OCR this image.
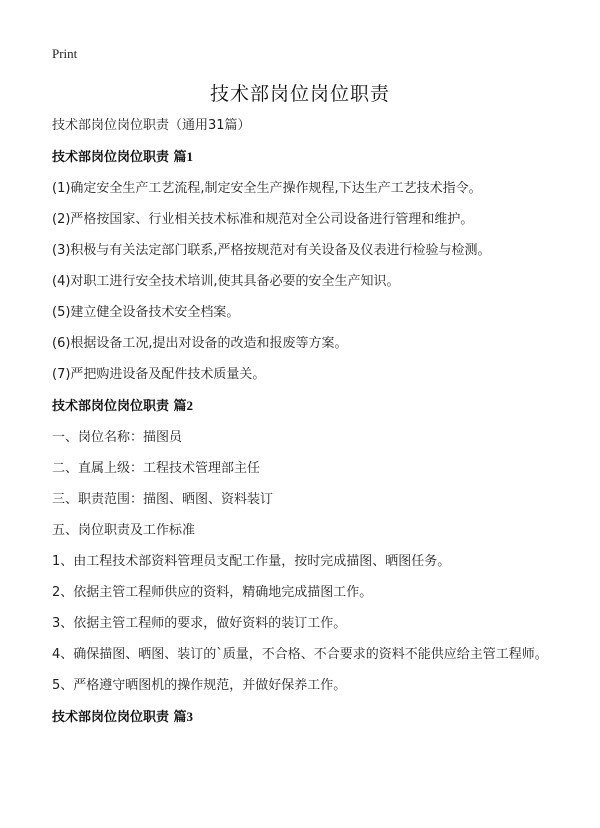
Print
技术部岗位岗位职责
技术部岗位岗位职责（通用31篇）
技术部岗位岗位职责 篇1
(1)确定安全生产工艺流程,制定安全生产操作规程,下达生产工艺技术指令。
(2)严格按国家、行业相关技术标准和规范对全公司设备进行管理和维护。
(3)积极与有关法定部门联系,严格按规范对有关设备及仪表进行检验与检测。
(4)对职工进行安全技术培训,使其具备必要的安全生产知识。
(5)建立健全设备技术安全档案。
(6)根据设备工况,提出对设备的改造和报废等方案。
(7)严把购进设备及配件技术质量关。
技术部岗位岗位职责 篇2
一、岗位名称：描图员
二、直属上级：工程技术管理部主任
三、职责范围：描图、晒图、资料装订
五、岗位职责及工作标准
1、由工程技术部资料管理员支配工作量，按时完成描图、晒图任务。
2、依据主管工程师供应的资料，精确地完成描图工作。
3、依据主管工程师的要求，做好资料的装订工作。
4、确保描图、晒图、装订的`质量，不合格、不合要求的资料不能供应给主管工程师。
5、严格遵守晒图机的操作规范，并做好保养工作。
技术部岗位岗位职责 篇3
